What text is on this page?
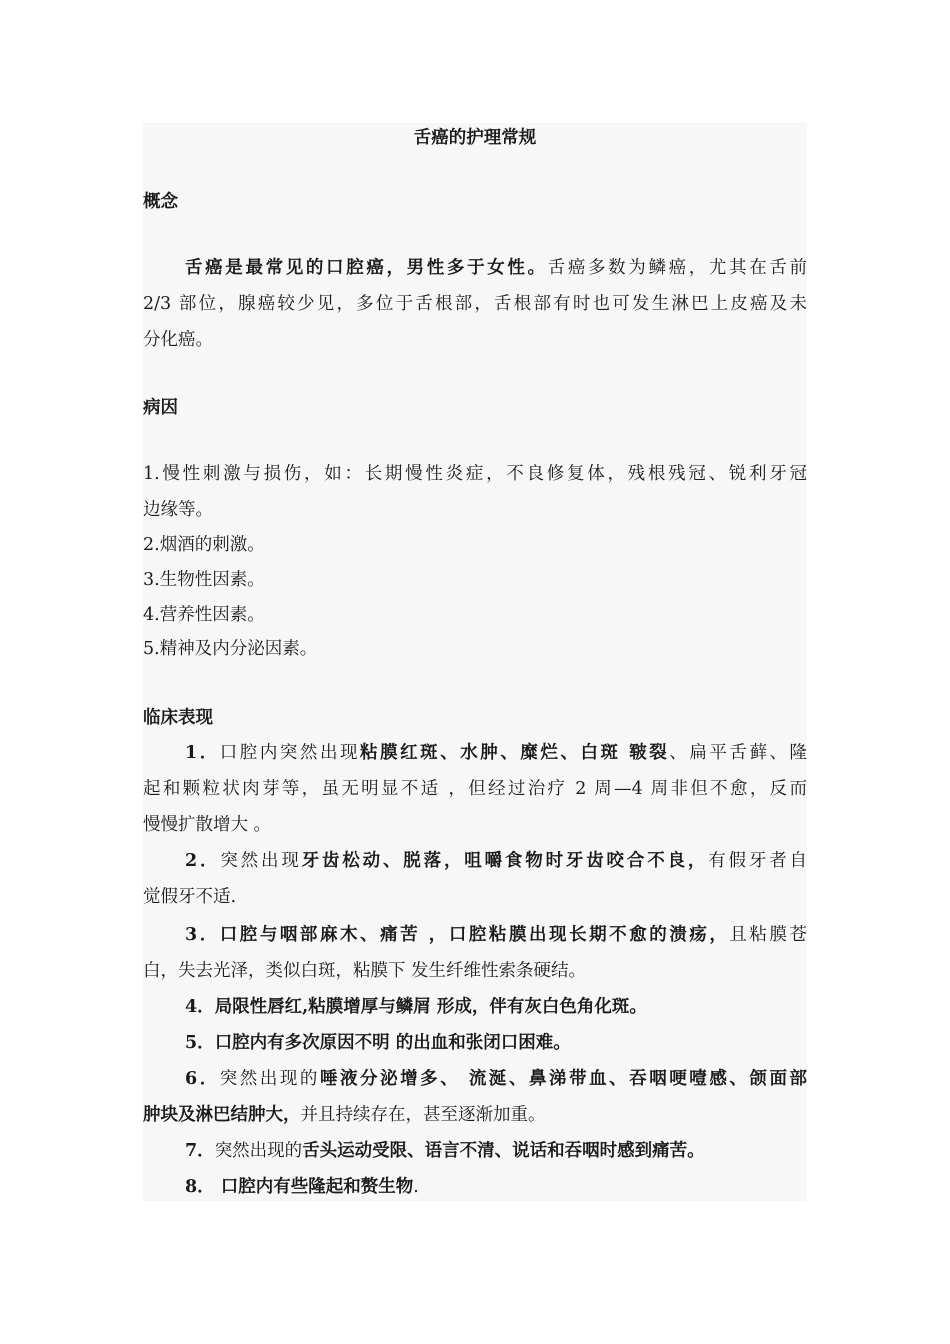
舌癌的护理常规
概念
舌癌是最常见的口腔癌，男性多于女性。舌癌多数为鳞癌，尤其在舌前
2/3 部位，腺癌较少见，多位于舌根部，舌根部有时也可发生淋巴上皮癌及未
分化癌。
病因
1.慢性刺激与损伤，如：长期慢性炎症，不良修复体，残根残冠、锐利牙冠
边缘等。
2.烟酒的刺激。
3.生物性因素。
4.营养性因素。
5.精神及内分泌因素。
临床表现
1．口腔内突然出现粘膜红斑、水肿、糜烂、白斑 皲裂、扁平舌藓、隆
起和颗粒状肉芽等，虽无明显不适 ，但经过治疗 2 周—4 周非但不愈，反而
慢慢扩散增大 。
2．突然出现牙齿松动、脱落，咀嚼食物时牙齿咬合不良，有假牙者自
觉假牙不适.
3．口腔与咽部麻木、痛苦 ，口腔粘膜出现长期不愈的溃疡，且粘膜苍
白，失去光泽，类似白斑，粘膜下 发生纤维性索条硬结。
4．局限性唇红,粘膜增厚与鳞屑 形成，伴有灰白色角化斑。
5．口腔内有多次原因不明 的出血和张闭口困难。
6．突然出现的唾液分泌增多、 流涎、鼻涕带血、吞咽哽噎感、颌面部
肿块及淋巴结肿大，并且持续存在，甚至逐渐加重。
7．突然出现的舌头运动受限、语言不清、说话和吞咽时感到痛苦。
8． 口腔内有些隆起和赘生物.
